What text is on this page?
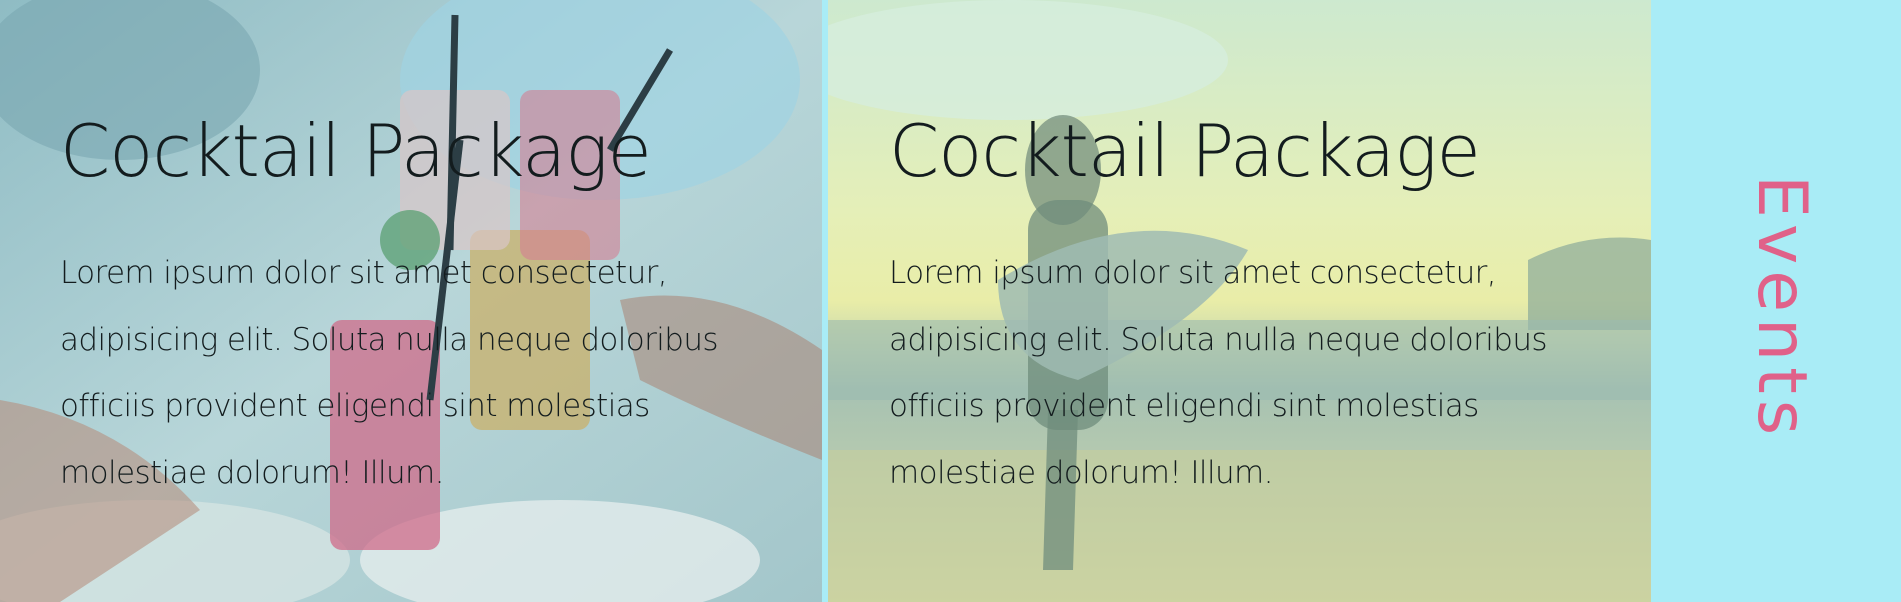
Cocktail Package

Lorem ipsum dolor sit amet consectetur, adipisicing elit. Soluta nulla neque doloribus officiis provident eligendi sint molestias molestiae dolorum! Illum.

Cocktail Package

Lorem ipsum dolor sit amet consectetur, adipisicing elit. Soluta nulla neque doloribus officiis provident eligendi sint molestias molestiae dolorum! Illum.

Events
